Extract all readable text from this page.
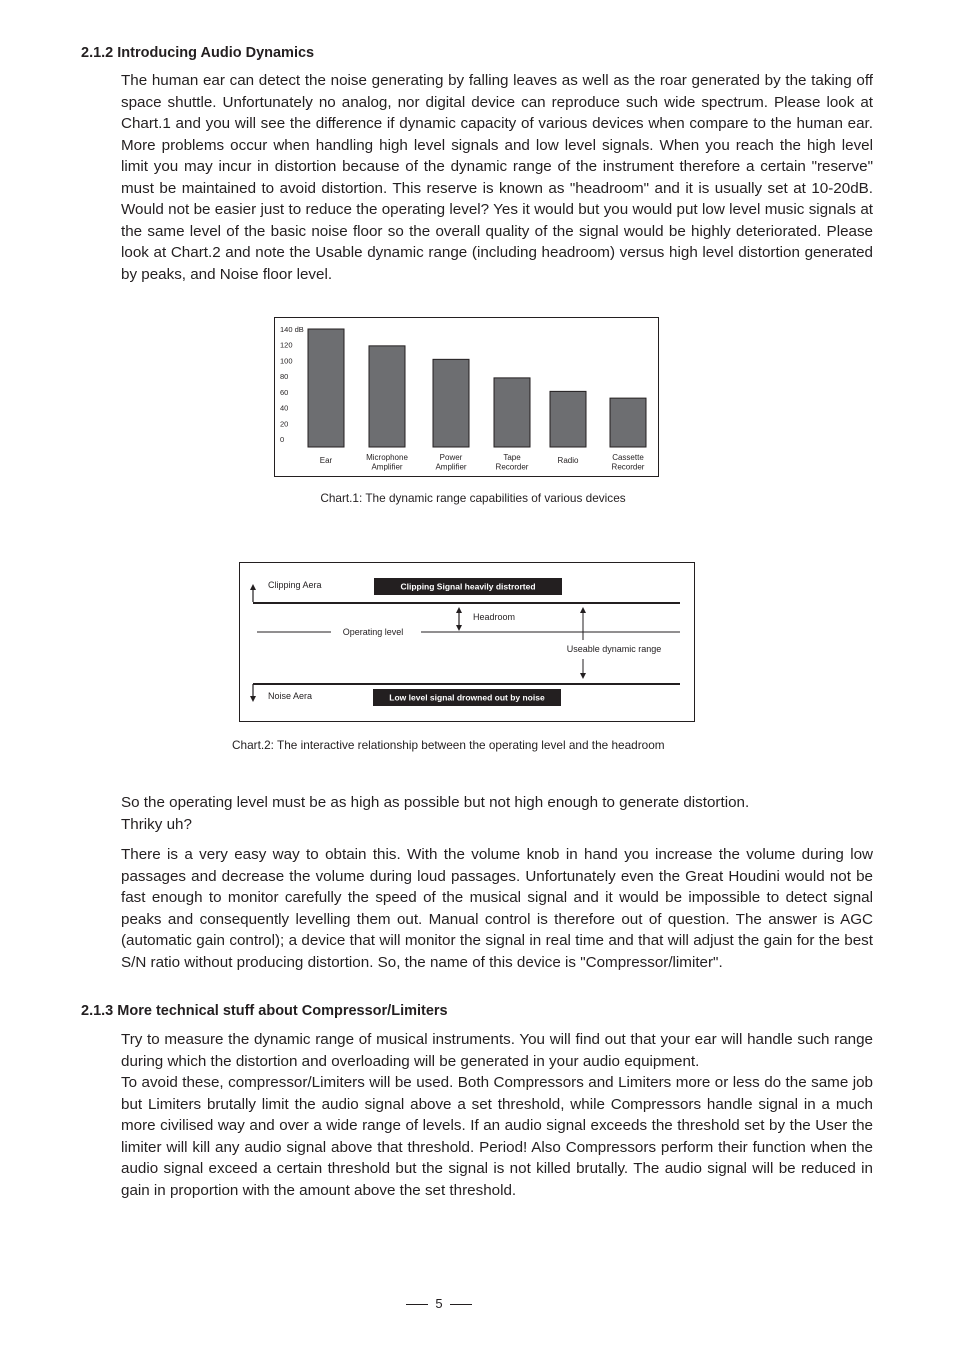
2.1.2 Introducing Audio Dynamics

The human ear can detect the noise generating by falling leaves as well as the roar generated by the taking off space shuttle. Unfortunately no analog, nor digital device can reproduce such wide spectrum. Please look at Chart.1 and you will see the difference if dynamic capacity of various devices when compare to the human ear. More problems occur when handling high level signals and low level signals. When you reach the high level limit you may incur in distortion because of the dynamic range of the instrument therefore a certain "reserve" must be maintained to avoid distortion. This reserve is known as "headroom" and it is usually set at 10-20dB. Would not be easier just to reduce the operating level? Yes it would but you would put low level music signals at the same level of the basic noise floor so the overall quality of the signal would be highly deteriorated. Please look at Chart.2 and note the Usable dynamic range (including headroom) versus high level distortion generated by peaks, and Noise floor level.

140 dB
120
100
80
60
40
20
0
Ear	Microphone
Amplifier
Power
Amplifier
Tape
Recorder
Radio	Cassette
Recorder
Chart.1: The dynamic range capabilities of various devices
Clipping Aera	Clipping Signal heavily distrorted
Headroom
Operating level
Useable dynamic range
Noise Aera	Low level signal drowned out by noise
Chart.2: The interactive relationship between the operating level and the headroom

So the operating level must be as high as possible but not high enough to generate distortion.

Thriky uh?

There is a very easy way to obtain this. With the volume knob in hand you increase the volume during low passages and decrease the volume during loud passages. Unfortunately even the Great Houdini would not be fast enough to monitor carefully the speed of the musical signal and it would be impossible to detect signal peaks and consequently levelling them out. Manual control is therefore out of question. The answer is AGC (automatic gain control); a device that will monitor the signal in real time and that will adjust the gain for the best S/N ratio without producing distortion. So, the name of this device is "Compressor/limiter".

2.1.3 More technical stuff about Compressor/Limiters

Try to measure the dynamic range of musical instruments. You will find out that your ear will handle such range during which the distortion and overloading will be generated in your audio equipment.

To avoid these, compressor/Limiters will be used. Both Compressors and Limiters more or less do the same job but Limiters brutally limit the audio signal above a set threshold, while Compressors handle signal in a much more civilised way and over a wide range of levels. If an audio signal exceeds the threshold set by the User the limiter will kill any audio signal above that threshold. Period! Also Compressors perform their function when the audio signal exceed a certain threshold but the signal is not killed brutally. The audio signal will be reduced in gain in proportion with the amount above the set threshold.

5
